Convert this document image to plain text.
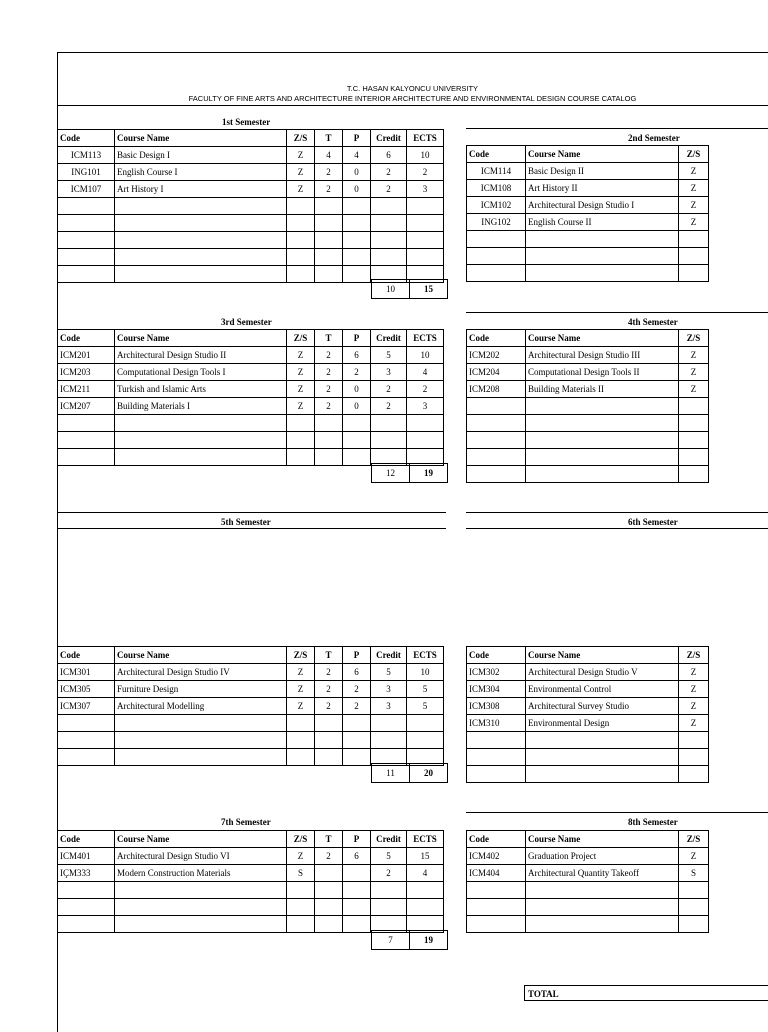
T.C. HASAN KALYONCU UNIVERSITY
FACULTY OF FINE ARTS AND ARCHITECTURE INTERIOR ARCHITECTURE AND ENVIRONMENTAL DESIGN COURSE CATALOG
1st Semester
2nd Semester
3rd Semester	4th Semester
5th Semester	6th Semester
7th Semester	8th Semester
Code	Course Name	Z/S	T	P	Credit	ECTS
ICM113	Basic Design I	Z	4	4	6	10
ING101	English Course I	Z	2	0	2	2
ICM107	Art History I	Z	2	0	2	3

Code	Course Name	Z/S	T	P	Credit	ECTS
ICM201	Architectural Design Studio II	Z	2	6	5	10
ICM203	Computational Design Tools I	Z	2	2	3	4
ICM211	Turkish and Islamic Arts	Z	2	0	2	2
ICM207	Building Materials I	Z	2	0	2	3

Code	Course Name	Z/S	T	P	Credit	ECTS
ICM301	Architectural Design Studio IV	Z	2	6	5	10
ICM305	Furniture Design	Z	2	2	3	5
ICM307	Architectural Modelling	Z	2	2	3	5

Code	Course Name	Z/S	T	P	Credit	ECTS
ICM401	Architectural Design Studio VI	Z	2	6	5	15
IÇM333	Modern Construction Materials	S			2	4

Code	Course Name	Z/S
ICM114	Basic Design II	Z
ICM108	Art History II	Z
ICM102	Architectural Design Studio I	Z
ING102	English Course II	Z

Code	Course Name	Z/S
ICM202	Architectural Design Studio III	Z
ICM204	Computational Design Tools II	Z
ICM208	Building Materials II	Z

Code	Course Name	Z/S
ICM302	Architectural Design Studio V	Z
ICM304	Environmental Control	Z
ICM308	Architectural Survey Studio	Z
ICM310	Environmental Design	Z

Code	Course Name	Z/S
ICM402	Graduation Project	Z
ICM404	Architectural Quantity Takeoff	S

10	15
12	19
11	20
7	19
TOTAL
